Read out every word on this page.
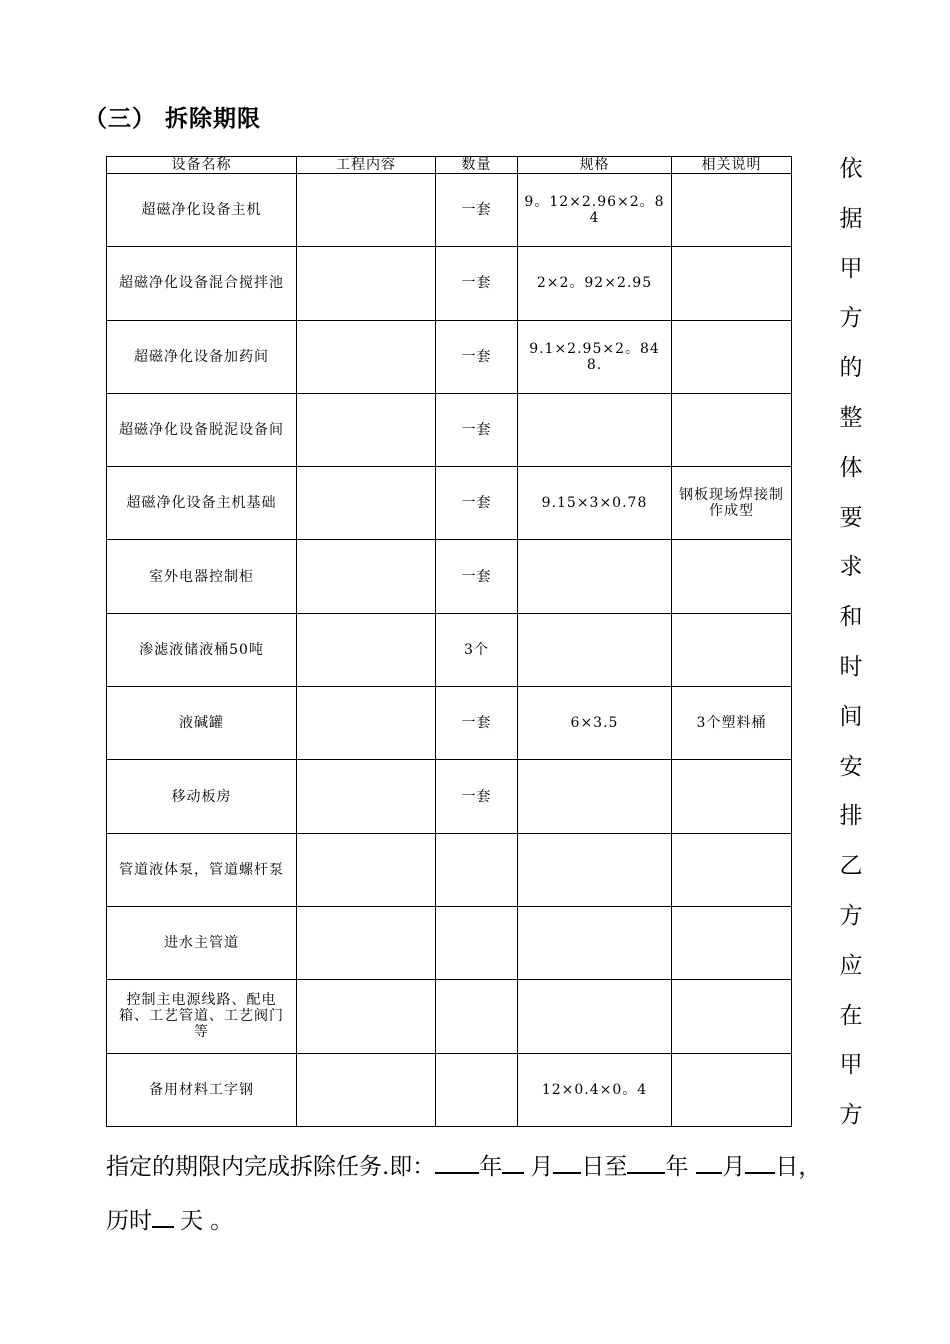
（三） 拆除期限
设备名称	工程内容	数量	规格	相关说明
超磁净化设备主机		一套	9。12×2.96×2。84	
超磁净化设备混合搅拌池		一套	2×2。92×2.95	
超磁净化设备加药间		一套	9.1×2.95×2。848.	
超磁净化设备脱泥设备间		一套		
超磁净化设备主机基础		一套	9.15×3×0.78	钢板现场焊接制作成型
室外电器控制柜		一套		
渗滤液储液桶50吨		3个		
液碱罐		一套	6×3.5	3个塑料桶
移动板房		一套		
管道液体泵，管道螺杆泵				
进水主管道				
控制主电源线路、配电箱、工艺管道、工艺阀门等				
备用材料工字钢			12×0.4×0。4	
依
据
甲
方
的
整
体
要
求
和
时
间
安
排
乙
方
应
在
甲
方
指定的期限内完成拆除任务.即： 年 月 日至 年 月 日，
历时 天 。
